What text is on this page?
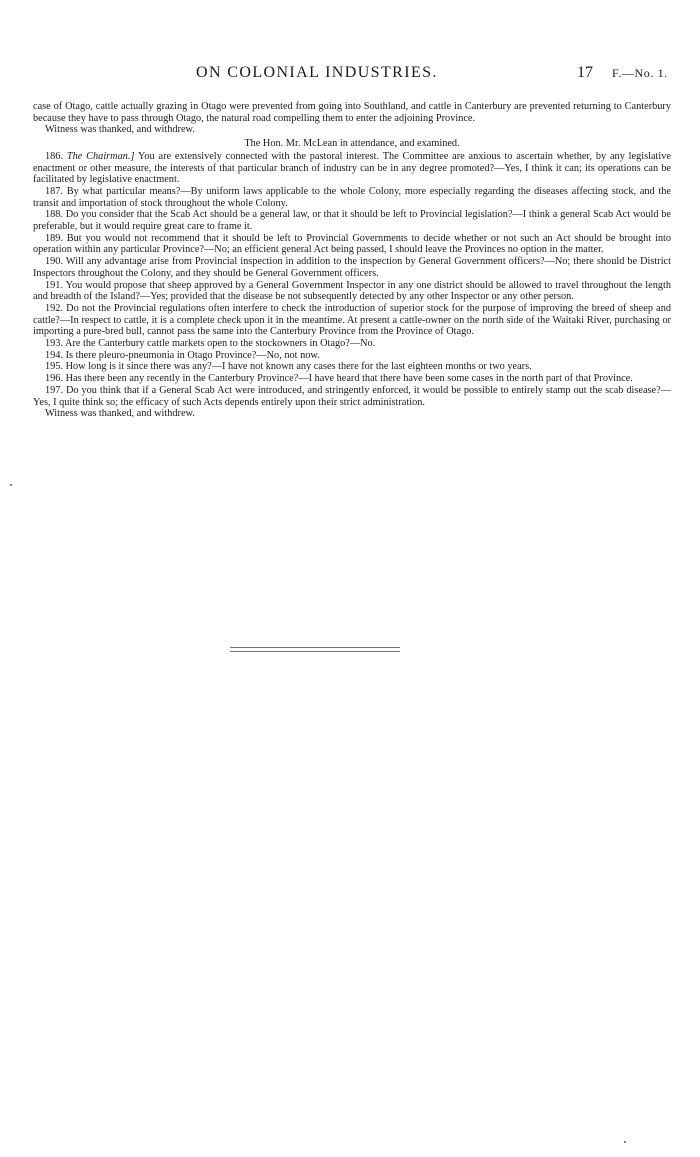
ON COLONIAL INDUSTRIES.	17 F.—No. 1.

case of Otago, cattle actually grazing in Otago were prevented from going into Southland, and cattle in Canterbury are prevented returning to Canterbury because they have to pass through Otago, the natural road compelling them to enter the adjoining Province.

Witness was thanked, and withdrew.

The Hon. Mr. McLean in attendance, and examined.

186. The Chairman.] You are extensively connected with the pastoral interest. The Committee are anxious to ascertain whether, by any legislative enactment or other measure, the interests of that particular branch of industry can be in any degree promoted?—Yes, I think it can; its operations can be facilitated by legislative enactment.

187. By what particular means?—By uniform laws applicable to the whole Colony, more especially regarding the diseases affecting stock, and the transit and importation of stock throughout the whole Colony.

188. Do you consider that the Scab Act should be a general law, or that it should be left to Provincial legislation?—I think a general Scab Act would be preferable, but it would require great care to frame it.

189. But you would not recommend that it should be left to Provincial Governments to decide whether or not such an Act should be brought into operation within any particular Province?—No; an efficient general Act being passed, I should leave the Provinces no option in the matter.

190. Will any advantage arise from Provincial inspection in addition to the inspection by General Government officers?—No; there should be District Inspectors throughout the Colony, and they should be General Government officers.

191. You would propose that sheep approved by a General Government Inspector in any one district should be allowed to travel throughout the length and breadth of the Island?—Yes; provided that the disease be not subsequently detected by any other Inspector or any other person.

192. Do not the Provincial regulations often interfere to check the introduction of superior stock for the purpose of improving the breed of sheep and cattle?—In respect to cattle, it is a complete check upon it in the meantime. At present a cattle-owner on the north side of the Waitaki River, purchasing or importing a pure-bred bull, cannot pass the same into the Canterbury Province from the Province of Otago.

193. Are the Canterbury cattle markets open to the stockowners in Otago?—No.

194. Is there pleuro-pneumonia in Otago Province?—No, not now.

195. How long is it since there was any?—I have not known any cases there for the last eighteen months or two years.

196. Has there been any recently in the Canterbury Province?—I have heard that there have been some cases in the north part of that Province.

197. Do you think that if a General Scab Act were introduced, and stringently enforced, it would be possible to entirely stamp out the scab disease?—Yes, I quite think so; the efficacy of such Acts depends entirely upon their strict administration.

Witness was thanked, and withdrew.
